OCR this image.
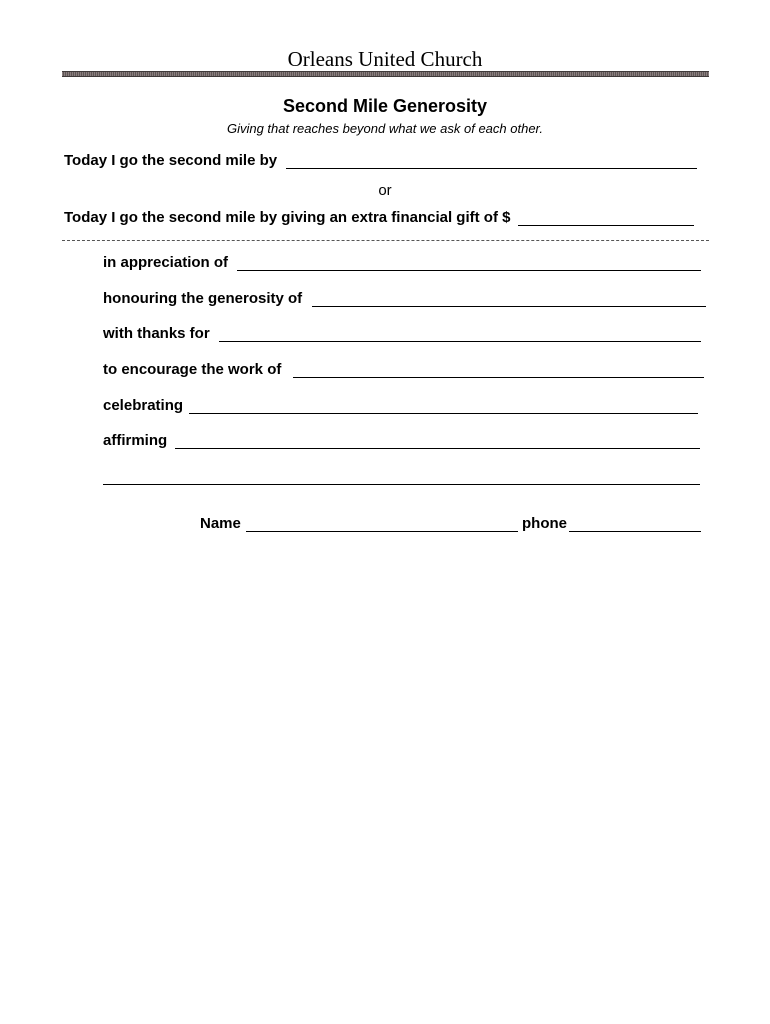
Orleans United Church
Second Mile Generosity
Giving that reaches beyond what we ask of each other.
Today I go the second mile by
or
Today I go the second mile by giving an extra financial gift of $
in appreciation of
honouring the generosity of
with thanks for
to encourage the work of
celebrating
affirming
Name	phone
